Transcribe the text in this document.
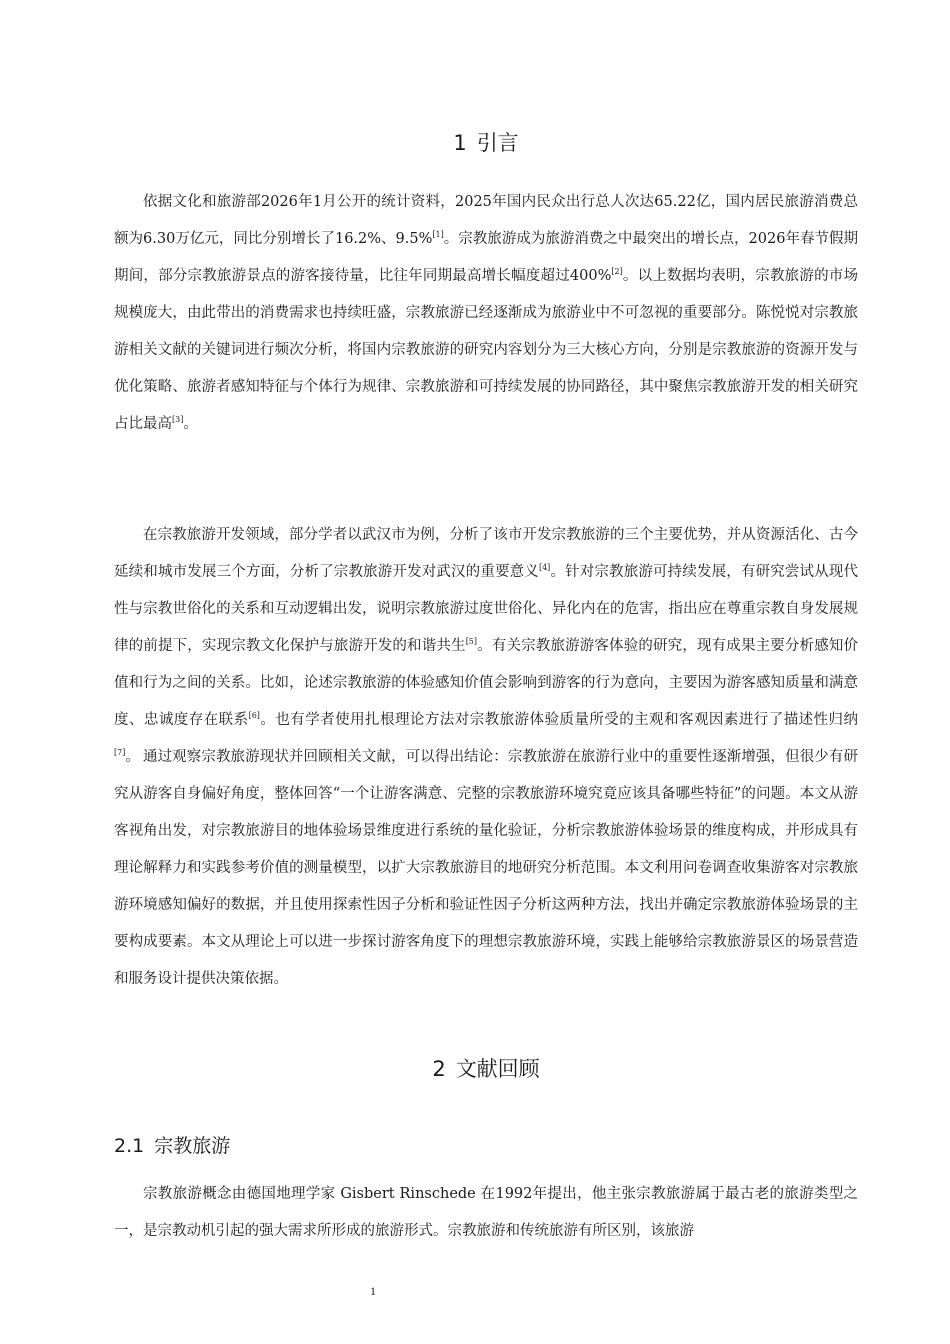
1 引言

依据文化和旅游部2026年1月公开的统计资料，2025年国内民众出行总人次达65.22亿，国内居民旅游消费总额为6.30万亿元，同比分别增长了16.2%、9.5%[1]。宗教旅游成为旅游消费之中最突出的增长点，2026年春节假期期间，部分宗教旅游景点的游客接待量，比往年同期最高增长幅度超过400%[2]。以上数据均表明，宗教旅游的市场规模庞大，由此带出的消费需求也持续旺盛，宗教旅游已经逐渐成为旅游业中不可忽视的重要部分。陈悦悦对宗教旅游相关文献的关键词进行频次分析，将国内宗教旅游的研究内容划分为三大核心方向，分别是宗教旅游的资源开发与优化策略、旅游者感知特征与个体行为规律、宗教旅游和可持续发展的协同路径，其中聚焦宗教旅游开发的相关研究占比最高[3]。

在宗教旅游开发领域，部分学者以武汉市为例，分析了该市开发宗教旅游的三个主要优势，并从资源活化、古今延续和城市发展三个方面，分析了宗教旅游开发对武汉的重要意义[4]。针对宗教旅游可持续发展，有研究尝试从现代性与宗教世俗化的关系和互动逻辑出发，说明宗教旅游过度世俗化、异化内在的危害，指出应在尊重宗教自身发展规律的前提下，实现宗教文化保护与旅游开发的和谐共生[5]。有关宗教旅游游客体验的研究，现有成果主要分析感知价值和行为之间的关系。比如，论述宗教旅游的体验感知价值会影响到游客的行为意向，主要因为游客感知质量和满意度、忠诚度存在联系[6]。也有学者使用扎根理论方法对宗教旅游体验质量所受的主观和客观因素进行了描述性归纳[7]。 通过观察宗教旅游现状并回顾相关文献，可以得出结论：宗教旅游在旅游行业中的重要性逐渐增强，但很少有研究从游客自身偏好角度，整体回答“一个让游客满意、完整的宗教旅游环境究竟应该具备哪些特征”的问题。本文从游客视角出发，对宗教旅游目的地体验场景维度进行系统的量化验证，分析宗教旅游体验场景的维度构成，并形成具有理论解释力和实践参考价值的测量模型，以扩大宗教旅游目的地研究分析范围。本文利用问卷调查收集游客对宗教旅游环境感知偏好的数据，并且使用探索性因子分析和验证性因子分析这两种方法，找出并确定宗教旅游体验场景的主要构成要素。本文从理论上可以进一步探讨游客角度下的理想宗教旅游环境，实践上能够给宗教旅游景区的场景营造和服务设计提供决策依据。

2 文献回顾
2.1 宗教旅游

宗教旅游概念由德国地理学家 Gisbert Rinschede 在1992年提出，他主张宗教旅游属于最古老的旅游类型之一，是宗教动机引起的强大需求所形成的旅游形式。宗教旅游和传统旅游有所区别，该旅游

1
